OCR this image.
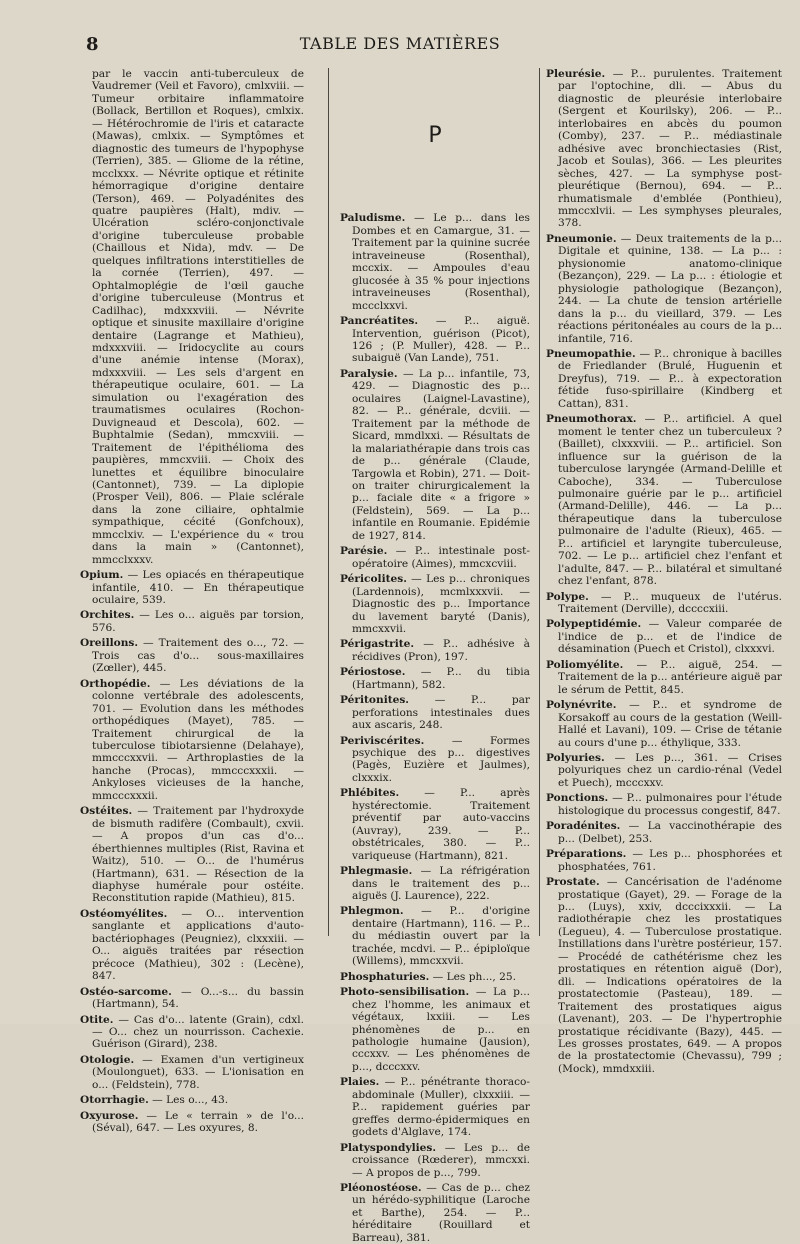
8	TABLE DES MATIÈRES

par le vaccin anti-tuberculeux de Vaudremer (Veil et Favoro), cmlxviii. — Tumeur orbitaire inflammatoire (Bollack, Bertillon et Roques), cmlxix. — Hétérochromie de l'iris et cataracte (Mawas), cmlxix. — Symptômes et diagnostic des tumeurs de l'hypophyse (Terrien), 385. — Gliome de la rétine, mcclxxx. — Névrite optique et rétinite hémorragique d'origine dentaire (Terson), 469. — Polyadénites des quatre paupières (Halt), mdiv. — Ulcération scléro-conjonctivale d'origine tuberculeuse probable (Chaillous et Nida), mdv. — De quelques infiltrations interstitielles de la cornée (Terrien), 497. — Ophtalmoplégie de l'œil gauche d'origine tuberculeuse (Montrus et Cadilhac), mdxxxviii. — Névrite optique et sinusite maxillaire d'origine dentaire (Lagrange et Mathieu), mdxxxviii. — Iridocyclite au cours d'une anémie intense (Morax), mdxxxviii. — Les sels d'argent en thérapeutique oculaire, 601. — La simulation ou l'exagération des traumatismes oculaires (Rochon-Duvigneaud et Descola), 602. — Buphtalmie (Sedan), mmcxviii. — Traitement de l'épithélioma des paupières, mmcxviii. — Choix des lunettes et équilibre binoculaire (Cantonnet), 739. — La diplopie (Prosper Veil), 806. — Plaie sclérale dans la zone ciliaire, ophtalmie sympathique, cécité (Gonfchoux), mmcclxiv. — L'expérience du « trou dans la main » (Cantonnet), mmcclxxxv.

Opium. — Les opiacés en thérapeutique infantile, 410. — En thérapeutique oculaire, 539.

Orchites. — Les o... aiguës par torsion, 576.

Oreillons. — Traitement des o..., 72. — Trois cas d'o... sous-maxillaires (Zœller), 445.

Orthopédie. — Les déviations de la colonne vertébrale des adolescents, 701. — Evolution dans les méthodes orthopédiques (Mayet), 785. — Traitement chirurgical de la tuberculose tibiotarsienne (Delahaye), mmcccxxvii. — Arthroplasties de la hanche (Procas), mmcccxxxii. — Ankyloses vicieuses de la hanche, mmcccxxxii.

Ostéites. — Traitement par l'hydroxyde de bismuth radifère (Combault), cxvii. — A propos d'un cas d'o... éberthiennes multiples (Rist, Ravina et Waitz), 510. — O... de l'humérus (Hartmann), 631. — Résection de la diaphyse humérale pour ostéite. Reconstitution rapide (Mathieu), 815.

Ostéomyélites. — O... intervention sanglante et applications d'auto-bactériophages (Peugniez), clxxxiii. — O... aiguës traitées par résection précoce (Mathieu), 302 : (Lecène), 847.

Ostéo-sarcome. — O...-s... du bassin (Hartmann), 54.

Otite. — Cas d'o... latente (Grain), cdxl. — O... chez un nourrisson. Cachexie. Guérison (Girard), 238.

Otologie. — Examen d'un vertigineux (Moulonguet), 633. — L'ionisation en o... (Feldstein), 778.

Otorrhagie. — Les o..., 43.

Oxyurose. — Le « terrain » de l'o... (Séval), 647. — Les oxyures, 8.

P

Paludisme. — Le p... dans les Dombes et en Camargue, 31. — Traitement par la quinine sucrée intraveineuse (Rosenthal), mccxix. — Ampoules d'eau glucosée à 35 % pour injections intraveineuses (Rosenthal), mccclxxvi.

Pancréatites. — P... aiguë. Intervention, guérison (Picot), 126 ; (P. Muller), 428. — P... subaiguë (Van Lande), 751.

Paralysie. — La p... infantile, 73, 429. — Diagnostic des p... oculaires (Laignel-Lavastine), 82. — P... générale, dcviii. — Traitement par la méthode de Sicard, mmdlxxi. — Résultats de la malariathérapie dans trois cas de p... générale (Claude, Targowla et Robin), 271. — Doit-on traiter chirurgicalement la p... faciale dite « a frigore » (Feldstein), 569. — La p... infantile en Roumanie. Epidémie de 1927, 814.

Parésie. — P... intestinale post-opératoire (Aimes), mmcxcviii.

Péricolites. — Les p... chroniques (Lardennois), mcmlxxxvii. — Diagnostic des p... Importance du lavement baryté (Danis), mmcxxvii.

Périgastrite. — P... adhésive à récidives (Pron), 197.

Périostose. — P... du tibia (Hartmann), 582.

Péritonites. — P... par perforations intestinales dues aux ascaris, 248.

Periviscérites. — Formes psychique des p... digestives (Pagès, Euzière et Jaulmes), clxxxix.

Phlébites. — P... après hystérectomie. Traitement préventif par auto-vaccins (Auvray), 239. — P... obstétricales, 380. — P... variqueuse (Hartmann), 821.

Phlegmasie. — La réfrigération dans le traitement des p... aiguës (J. Laurence), 222.

Phlegmon. — P... d'origine dentaire (Hartmann), 116. — P... du médiastin ouvert par la trachée, mcdvi. — P... épiploïque (Willems), mmcxxvii.

Phosphaturies. — Les ph..., 25.

Photo-sensibilisation. — La p... chez l'homme, les animaux et végétaux, lxxiii. — Les phénomènes de p... en pathologie humaine (Jausion), cccxxv. — Les phénomènes de p..., dcccxxv.

Plaies. — P... pénétrante thoraco-abdominale (Muller), clxxxiii. — P... rapidement guéries par greffes dermo-épidermiques en godets d'Alglave, 174.

Platyspondylies. — Les p... de croissance (Rœderer), mmcxxi. — A propos de p..., 799.

Pléonostéose. — Cas de p... chez un hérédo-syphilitique (Laroche et Barthe), 254. — P... héréditaire (Rouillard et Barreau), 381.

Pleurésie. — P... purulentes. Traitement par l'optochine, dli. — Abus du diagnostic de pleurésie interlobaire (Sergent et Kourilsky), 206. — P... interlobaires en abcès du poumon (Comby), 237. — P... médiastinale adhésive avec bronchiectasies (Rist, Jacob et Soulas), 366. — Les pleurites sèches, 427. — La symphyse post-pleurétique (Bernou), 694. — P... rhumatismale d'emblée (Ponthieu), mmccxlvii. — Les symphyses pleurales, 378.

Pneumonie. — Deux traitements de la p... Digitale et quinine, 138. — La p... : physionomie anatomo-clinique (Bezançon), 229. — La p... : étiologie et physiologie pathologique (Bezançon), 244. — La chute de tension artérielle dans la p... du vieillard, 379. — Les réactions péritonéales au cours de la p... infantile, 716.

Pneumopathie. — P... chronique à bacilles de Friedlander (Brulé, Huguenin et Dreyfus), 719. — P... à expectoration fétide fuso-spirillaire (Kindberg et Cattan), 831.

Pneumothorax. — P... artificiel. A quel moment le tenter chez un tuberculeux ? (Baillet), clxxxviii. — P... artificiel. Son influence sur la guérison de la tuberculose laryngée (Armand-Delille et Caboche), 334. — Tuberculose pulmonaire guérie par le p... artificiel (Armand-Delille), 446. — La p... thérapeutique dans la tuberculose pulmonaire de l'adulte (Rieux), 465. — P... artificiel et laryngite tuberculeuse, 702. — Le p... artificiel chez l'enfant et l'adulte, 847. — P... bilatéral et simultané chez l'enfant, 878.

Polype. — P... muqueux de l'utérus. Traitement (Derville), dccccxiii.

Polypeptidémie. — Valeur comparée de l'indice de p... et de l'indice de désamination (Puech et Cristol), clxxxvi.

Poliomyélite. — P... aiguë, 254. — Traitement de la p... antérieure aiguë par le sérum de Pettit, 845.

Polynévrite. — P... et syndrome de Korsakoff au cours de la gestation (Weill-Hallé et Lavani), 109. — Crise de tétanie au cours d'une p... éthylique, 333.

Polyuries. — Les p..., 361. — Crises polyuriques chez un cardio-rénal (Vedel et Puech), mcccxxv.

Ponctions. — P... pulmonaires pour l'étude histologique du processus congestif, 847.

Poradénites. — La vaccinothérapie des p... (Delbet), 253.

Préparations. — Les p... phosphorées et phosphatées, 761.

Prostate. — Cancérisation de l'adénome prostatique (Gayet), 29. — Forage de la p... (Luys), xxiv, dcccixxxii. — La radiothérapie chez les prostatiques (Legueu), 4. — Tuberculose prostatique. Instillations dans l'urètre postérieur, 157. — Procédé de cathétérisme chez les prostatiques en rétention aiguë (Dor), dli. — Indications opératoires de la prostatectomie (Pasteau), 189. — Traitement des prostatiques aigus (Lavenant), 203. — De l'hypertrophie prostatique récidivante (Bazy), 445. — Les grosses prostates, 649. — A propos de la prostatectomie (Chevassu), 799 ; (Mock), mmdxxiii.
